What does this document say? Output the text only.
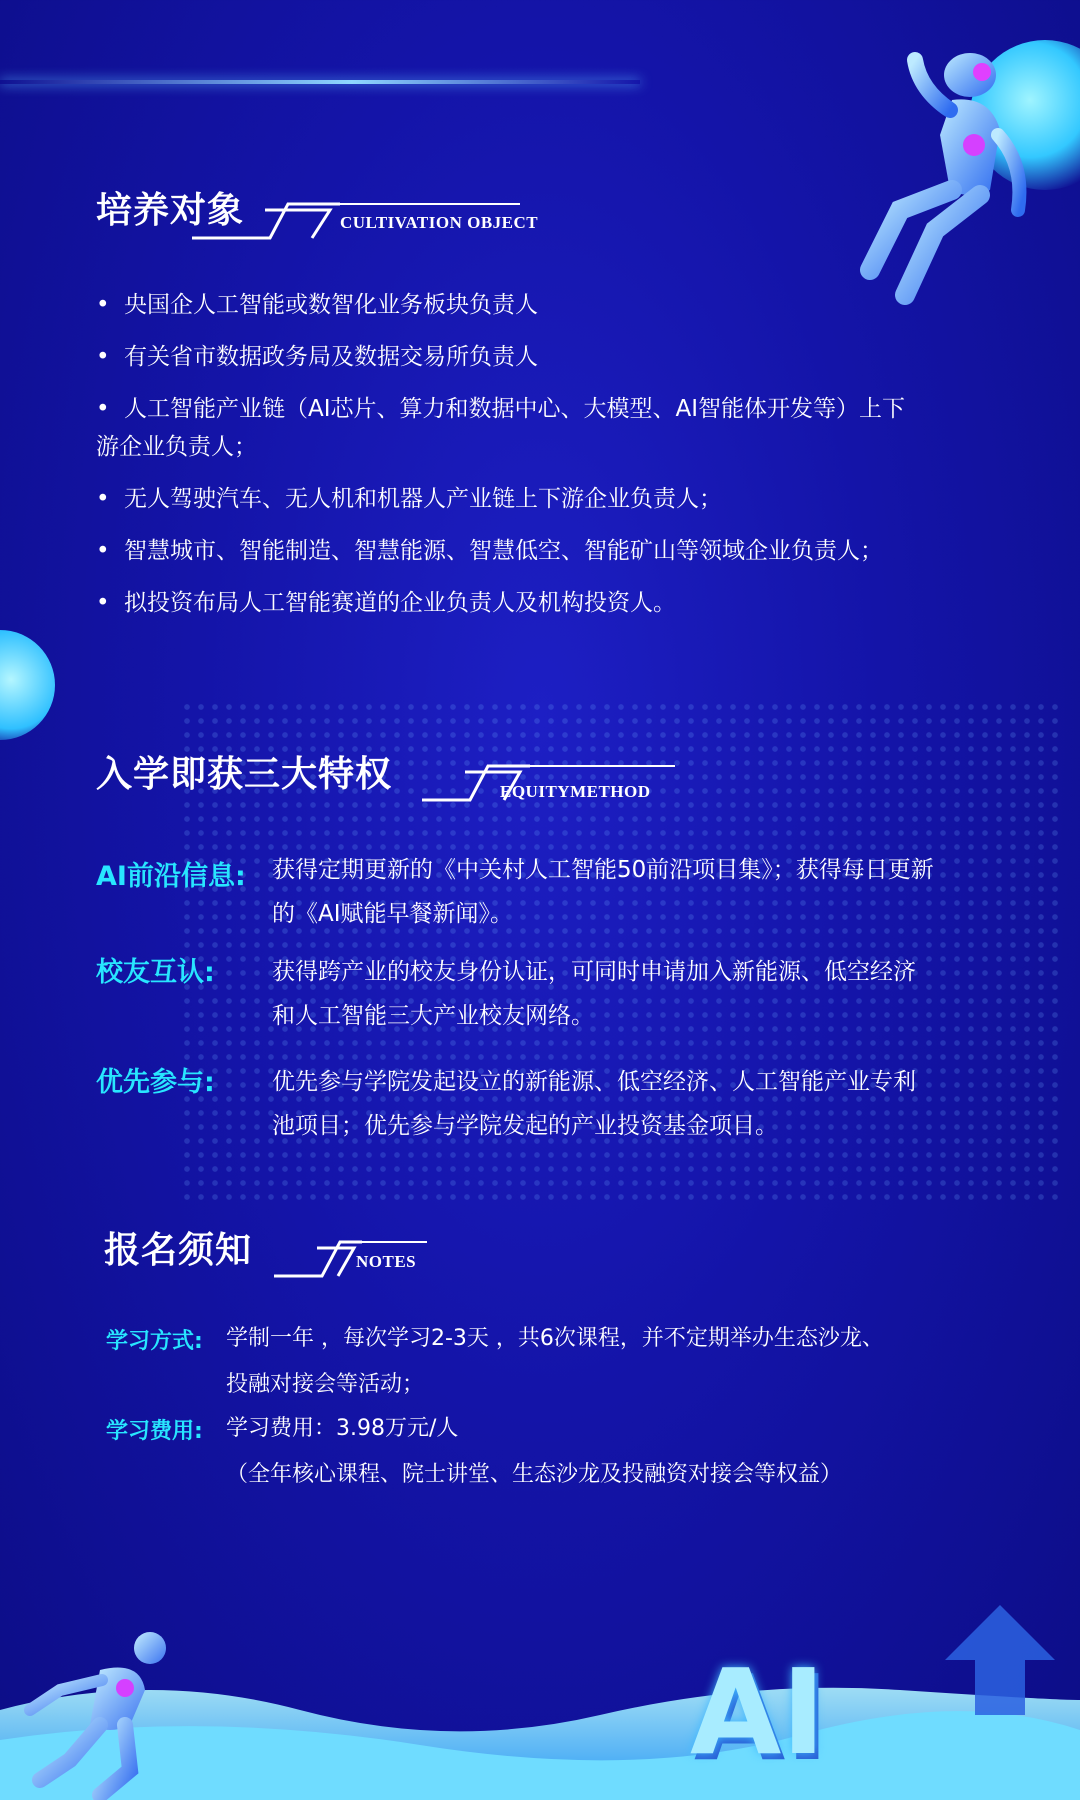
培养对象	CULTIVATION OBJECT
• 央国企人工智能或数智化业务板块负责人
• 有关省市数据政务局及数据交易所负责人
• 人工智能产业链（AI芯片、算力和数据中心、大模型、AI智能体开发等）上下
游企业负责人；
• 无人驾驶汽车、无人机和机器人产业链上下游企业负责人；
• 智慧城市、智能制造、智慧能源、智慧低空、智能矿山等领域企业负责人；
• 拟投资布局人工智能赛道的企业负责人及机构投资人。
入学即获三大特权	EQUITYMETHOD
AI前沿信息: 获得定期更新的《中关村人工智能50前沿项目集》；获得每日更新
的《AI赋能早餐新闻》。
校友互认: 获得跨产业的校友身份认证，可同时申请加入新能源、低空经济
和人工智能三大产业校友网络。
优先参与: 优先参与学院发起设立的新能源、低空经济、人工智能产业专利
池项目；优先参与学院发起的产业投资基金项目。
报名须知	NOTES
学习方式: 学制一年 ，每次学习2-3天 ，共6次课程，并不定期举办生态沙龙、
投融对接会等活动；
学习费用: 学习费用：3.98万元/人
（全年核心课程、院士讲堂、生态沙龙及投融资对接会等权益）
AI
